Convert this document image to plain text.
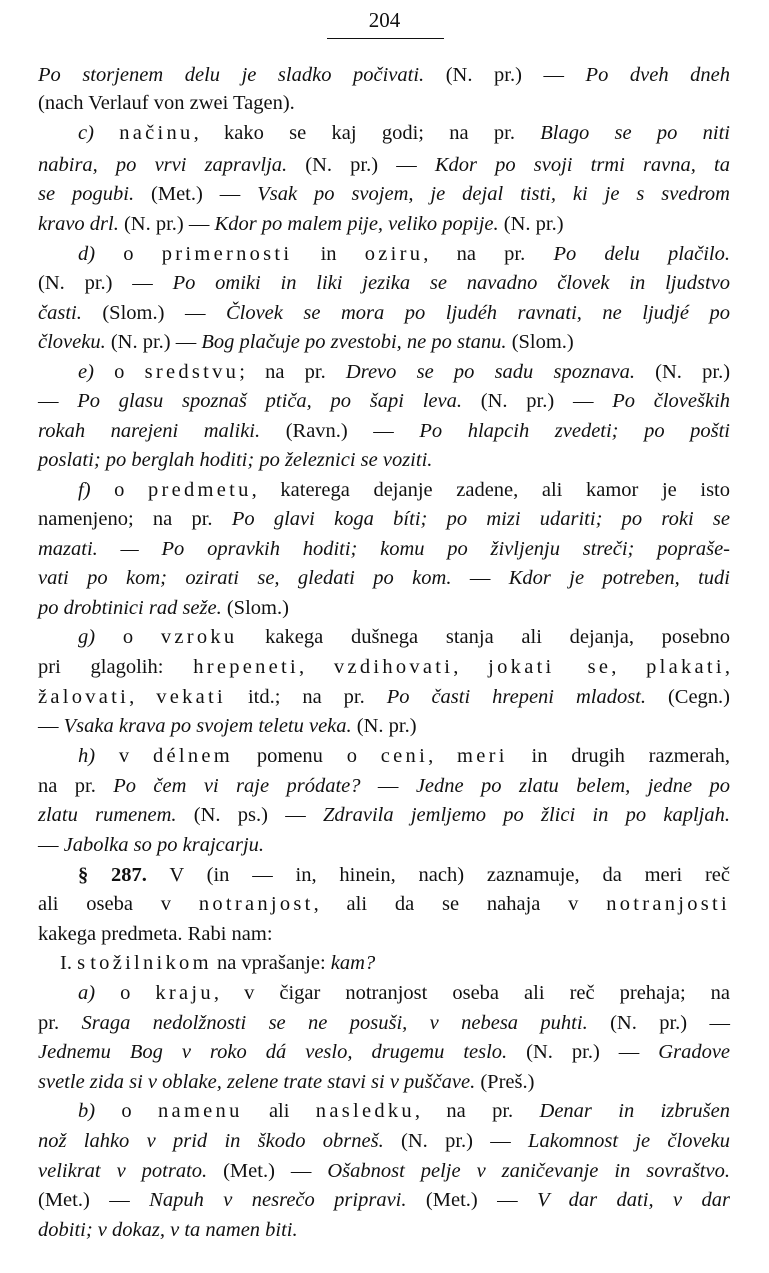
204
Po storjenem delu je sladko počivati. (N. pr.) — Po dveh dneh
(nach Verlauf von zwei Tagen).
c) načinu, kako se kaj godi; na pr. Blago se po niti
nabira, po vrvi zapravlja. (N. pr.) — Kdor po svoji trmi ravna, ta
se pogubi. (Met.) — Vsak po svojem, je dejal tisti, ki je s svedrom
kravo drl. (N. pr.) — Kdor po malem pije, veliko popije. (N. pr.)
d) o primernosti in oziru, na pr. Po delu plačilo.
(N. pr.) — Po omiki in liki jezika se navadno človek in ljudstvo
časti. (Slom.) — Človek se mora po ljudéh ravnati, ne ljudjé po
človeku. (N. pr.) — Bog plačuje po zvestobi, ne po stanu. (Slom.)
e) o sredstvu; na pr. Drevo se po sadu spoznava. (N. pr.)
— Po glasu spoznaš ptiča, po šapi leva. (N. pr.) — Po človeških
rokah narejeni maliki. (Ravn.) — Po hlapcih zvedeti; po pošti
poslati; po berglah hoditi; po železnici se voziti.
f) o predmetu, katerega dejanje zadene, ali kamor je isto
namenjeno; na pr. Po glavi koga bíti; po mizi udariti; po roki se
mazati. — Po opravkih hoditi; komu po življenju streči; popraše-
vati po kom; ozirati se, gledati po kom. — Kdor je potreben, tudi
po drobtinici rad seže. (Slom.)
g) o vzroku kakega dušnega stanja ali dejanja, posebno
pri glagolih: hrepeneti, vzdihovati, jokati se, plakati,
žalovati, vekati itd.; na pr. Po časti hrepeni mladost. (Cegn.)
— Vsaka krava po svojem teletu veka. (N. pr.)
h) v délnem pomenu o ceni, meri in drugih razmerah,
na pr. Po čem vi raje pródate? — Jedne po zlatu belem, jedne po
zlatu rumenem. (N. ps.) — Zdravila jemljemo po žlici in po kapljah.
— Jabolka so po krajcarju.
§ 287. V (in — in, hinein, nach) zaznamuje, da meri reč
ali oseba v notranjost, ali da se nahaja v notranjosti
kakega predmeta. Rabi nam:
I. s tožilnikom na vprašanje: kam?
a) o kraju, v čigar notranjost oseba ali reč prehaja; na
pr. Sraga nedolžnosti se ne posuši, v nebesa puhti. (N. pr.) —
Jednemu Bog v roko dá veslo, drugemu teslo. (N. pr.) — Gradove
svetle zida si v oblake, zelene trate stavi si v puščave. (Preš.)
b) o namenu ali nasledku, na pr. Denar in izbrušen
nož lahko v prid in škodo obrneš. (N. pr.) — Lakomnost je človeku
velikrat v potrato. (Met.) — Ošabnost pelje v zaničevanje in sovraštvo.
(Met.) — Napuh v nesrečo pripravi. (Met.) — V dar dati, v dar
dobiti; v dokaz, v ta namen biti.
